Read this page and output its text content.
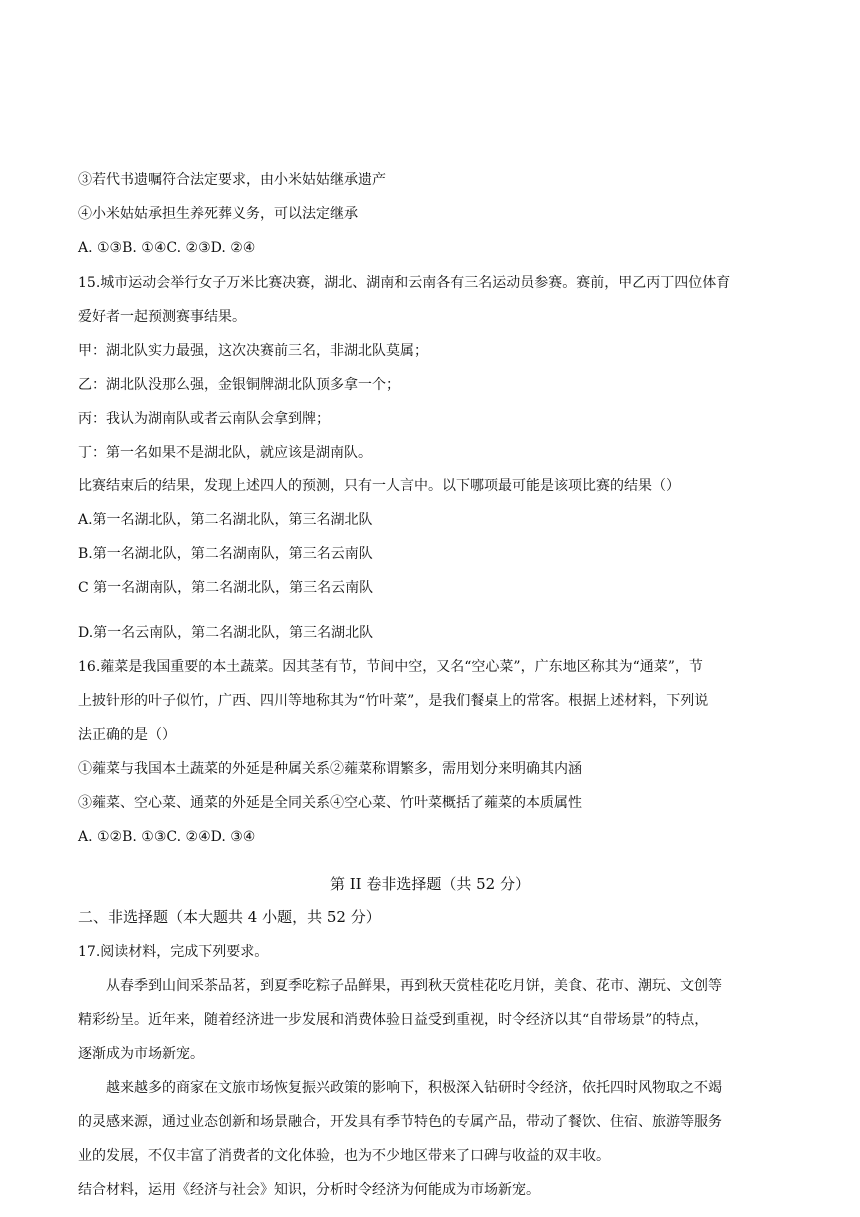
③若代书遗嘱符合法定要求，由小米姑姑继承遗产
④小米姑姑承担生养死葬义务，可以法定继承
A. ①③B. ①④C. ②③D. ②④
15.城市运动会举行女子万米比赛决赛，湖北、湖南和云南各有三名运动员参赛。赛前，甲乙丙丁四位体育
爱好者一起预测赛事结果。
甲：湖北队实力最强，这次决赛前三名，非湖北队莫属；
乙：湖北队没那么强，金银铜牌湖北队顶多拿一个；
丙：我认为湖南队或者云南队会拿到牌；
丁：第一名如果不是湖北队，就应该是湖南队。
比赛结束后的结果，发现上述四人的预测，只有一人言中。以下哪项最可能是该项比赛的结果（）
A.第一名湖北队，第二名湖北队，第三名湖北队
B.第一名湖北队，第二名湖南队，第三名云南队
C 第一名湖南队，第二名湖北队，第三名云南队
D.第一名云南队，第二名湖北队，第三名湖北队
16.蕹菜是我国重要的本土蔬菜。因其茎有节，节间中空，又名“空心菜”，广东地区称其为“通菜”，节
上披针形的叶子似竹，广西、四川等地称其为“竹叶菜”，是我们餐桌上的常客。根据上述材料，下列说
法正确的是（）
①蕹菜与我国本土蔬菜的外延是种属关系②蕹菜称谓繁多，需用划分来明确其内涵
③蕹菜、空心菜、通菜的外延是全同关系④空心菜、竹叶菜概括了蕹菜的本质属性
A. ①②B. ①③C. ②④D. ③④
第 II 卷非选择题（共 52 分）
二、非选择题（本大题共 4 小题，共 52 分）
17.阅读材料，完成下列要求。
从春季到山间采茶品茗，到夏季吃粽子品鲜果，再到秋天赏桂花吃月饼，美食、花市、潮玩、文创等
精彩纷呈。近年来，随着经济进一步发展和消费体验日益受到重视，时令经济以其“自带场景”的特点，
逐渐成为市场新宠。
越来越多的商家在文旅市场恢复振兴政策的影响下，积极深入钻研时令经济，依托四时风物取之不竭
的灵感来源，通过业态创新和场景融合，开发具有季节特色的专属产品，带动了餐饮、住宿、旅游等服务
业的发展，不仅丰富了消费者的文化体验，也为不少地区带来了口碑与收益的双丰收。
结合材料，运用《经济与社会》知识，分析时令经济为何能成为市场新宠。
